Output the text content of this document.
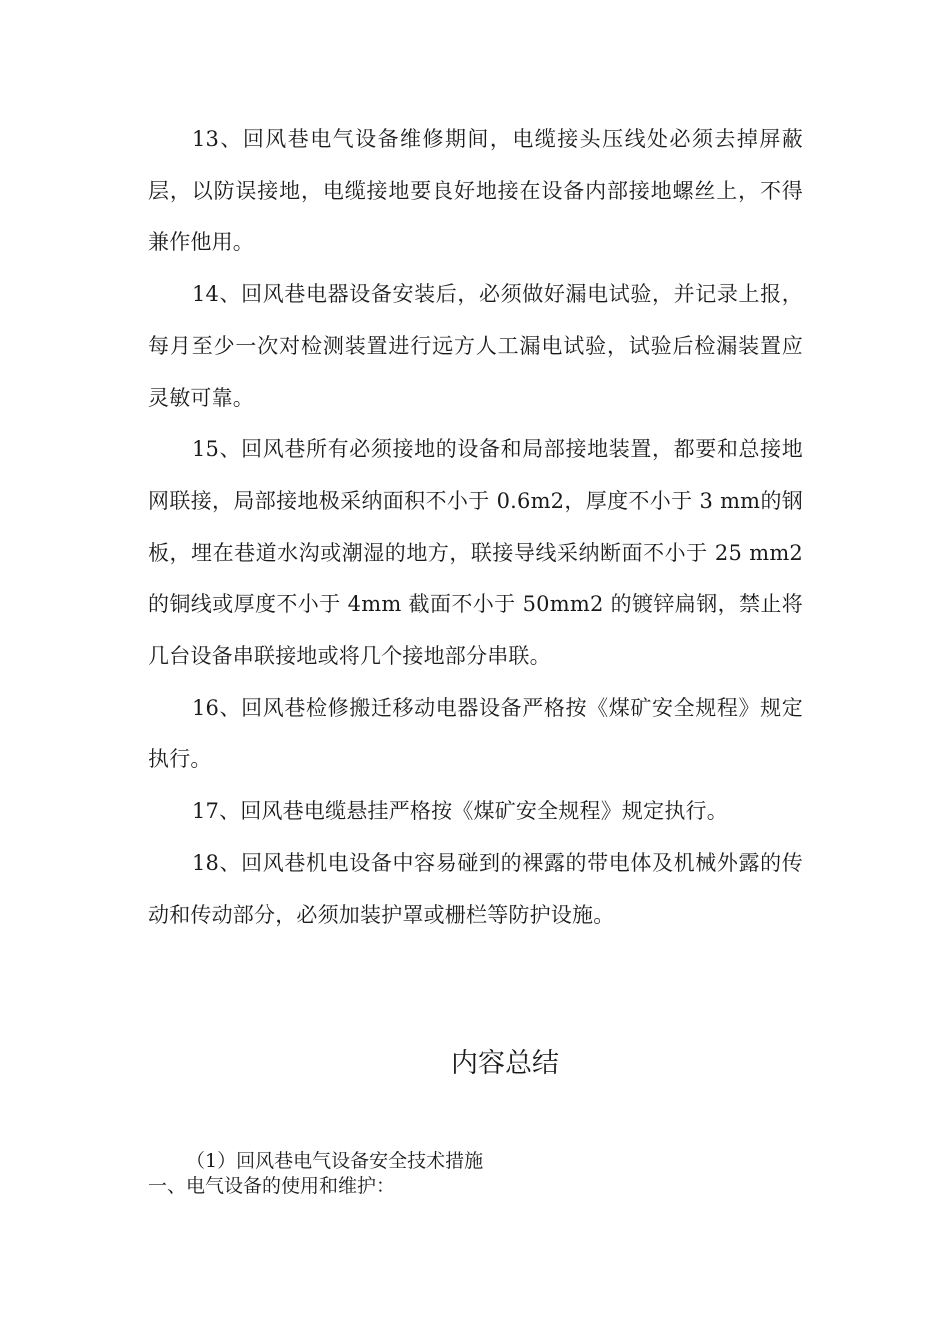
13、回风巷电气设备维修期间，电缆接头压线处必须去掉屏蔽层，以防误接地，电缆接地要良好地接在设备内部接地螺丝上，不得兼作他用。

14、回风巷电器设备安装后，必须做好漏电试验，并记录上报，每月至少一次对检测装置进行远方人工漏电试验，试验后检漏装置应灵敏可靠。

15、回风巷所有必须接地的设备和局部接地装置，都要和总接地网联接，局部接地极采纳面积不小于 0.6m2，厚度不小于 3 mm的钢板，埋在巷道水沟或潮湿的地方，联接导线采纳断面不小于 25 mm2 的铜线或厚度不小于 4mm 截面不小于 50mm2 的镀锌扁钢，禁止将几台设备串联接地或将几个接地部分串联。

16、回风巷检修搬迁移动电器设备严格按《煤矿安全规程》规定执行。

17、回风巷电缆悬挂严格按《煤矿安全规程》规定执行。

18、回风巷机电设备中容易碰到的裸露的带电体及机械外露的传动和传动部分，必须加装护罩或栅栏等防护设施。

内容总结

（1）回风巷电气设备安全技术措施

一、电气设备的使用和维护：
